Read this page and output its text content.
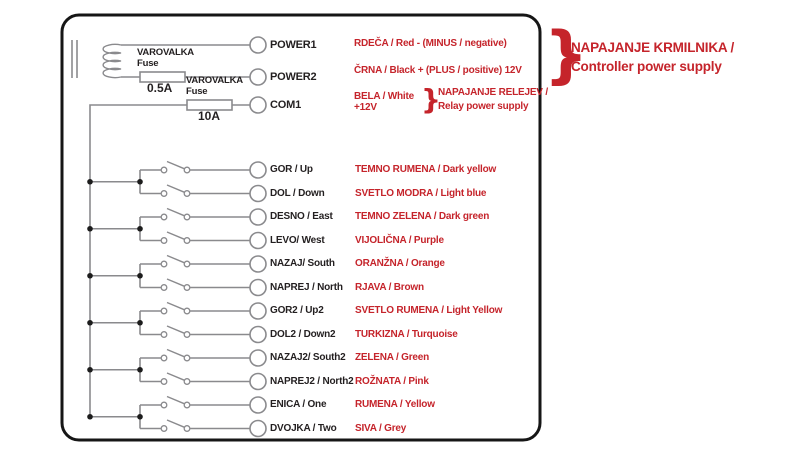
VAROVALKA
Fuse
0.5A
VAROVALKA
Fuse
10A
POWER1
POWER2
COM1
RDEČA / Red - (MINUS / negative)
ČRNA / Black + (PLUS / positive) 12V
BELA / White
+12V }
NAPAJANJE RELEJEV /
Relay power supply
}
NAPAJANJE KRMILNIKA /
Controller power supply
GOR / Up
DOL / Down
DESNO / East
LEVO/ West
NAZAJ/ South
NAPREJ / North
GOR2 / Up2
DOL2 / Down2
NAZAJ2/ South2
NAPREJ2 / North2
ENICA / One
DVOJKA / Two
TEMNO RUMENA / Dark yellow
SVETLO MODRA / Light blue
TEMNO ZELENA / Dark green
VIJOLIČNA / Purple
ORANŽNA / Orange
RJAVA / Brown
SVETLO RUMENA / Light Yellow
TURKIZNA / Turquoise
ZELENA / Green
ROŽNATA / Pink
RUMENA / Yellow
SIVA / Grey
